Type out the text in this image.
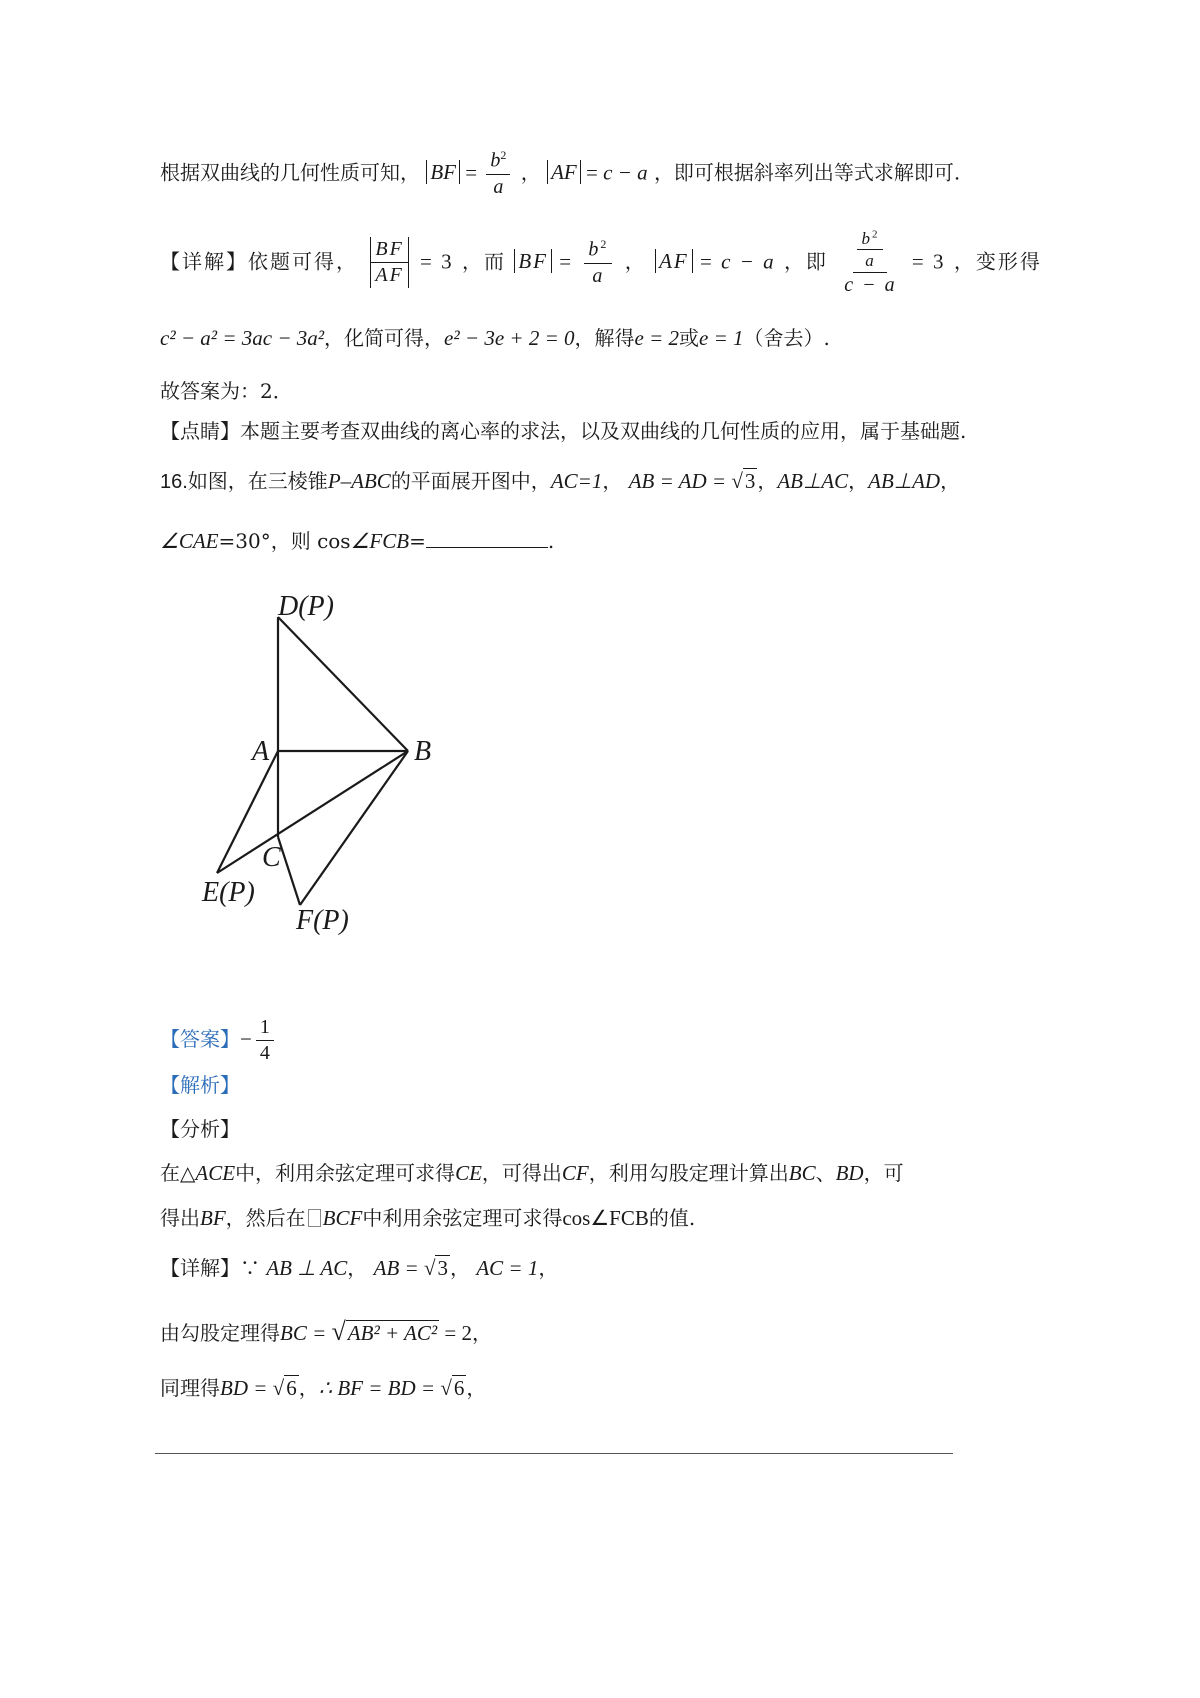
根据双曲线的几何性质可知， BF = $\frac{b^2}{a}$ ， AF = c − a ，即可根据斜率列出等式求解即可.
【详解】依题可得， $\frac{BF}{AF} = 3$ ，而 BF = $\frac{b^2}{a}$ ， AF = c − a ，即 $\frac{\frac{b^2}{a}}{c - a} = 3$ ，变形得
c² − a² = 3ac − 3a²，化简可得，e² − 3e + 2 = 0，解得e = 2或e = 1（舍去）.
故答案为：2．
【点睛】本题主要考查双曲线的离心率的求法，以及双曲线的几何性质的应用，属于基础题.
16.如图，在三棱锥P–ABC的平面展开图中，AC=1， AB = AD = √3 ，AB⊥AC，AB⊥AD，
∠CAE=30°，则 cos∠FCB=	.
D(P)
A	B
C
E(P)
F(P)
【答案】− $\frac{1}{4}$
【解析】
【分析】
在△ACE中，利用余弦定理可求得CE，可得出CF，利用勾股定理计算出BC、BD，可
得出BF，然后在 BCF中利用余弦定理可求得cos∠FCB的值.
【详解】∵ AB ⊥ AC， AB = √3 ， AC = 1，
由勾股定理得BC = √AB² + AC² = 2，
同理得BD = √6 ，∴ BF = BD = √6 ，
